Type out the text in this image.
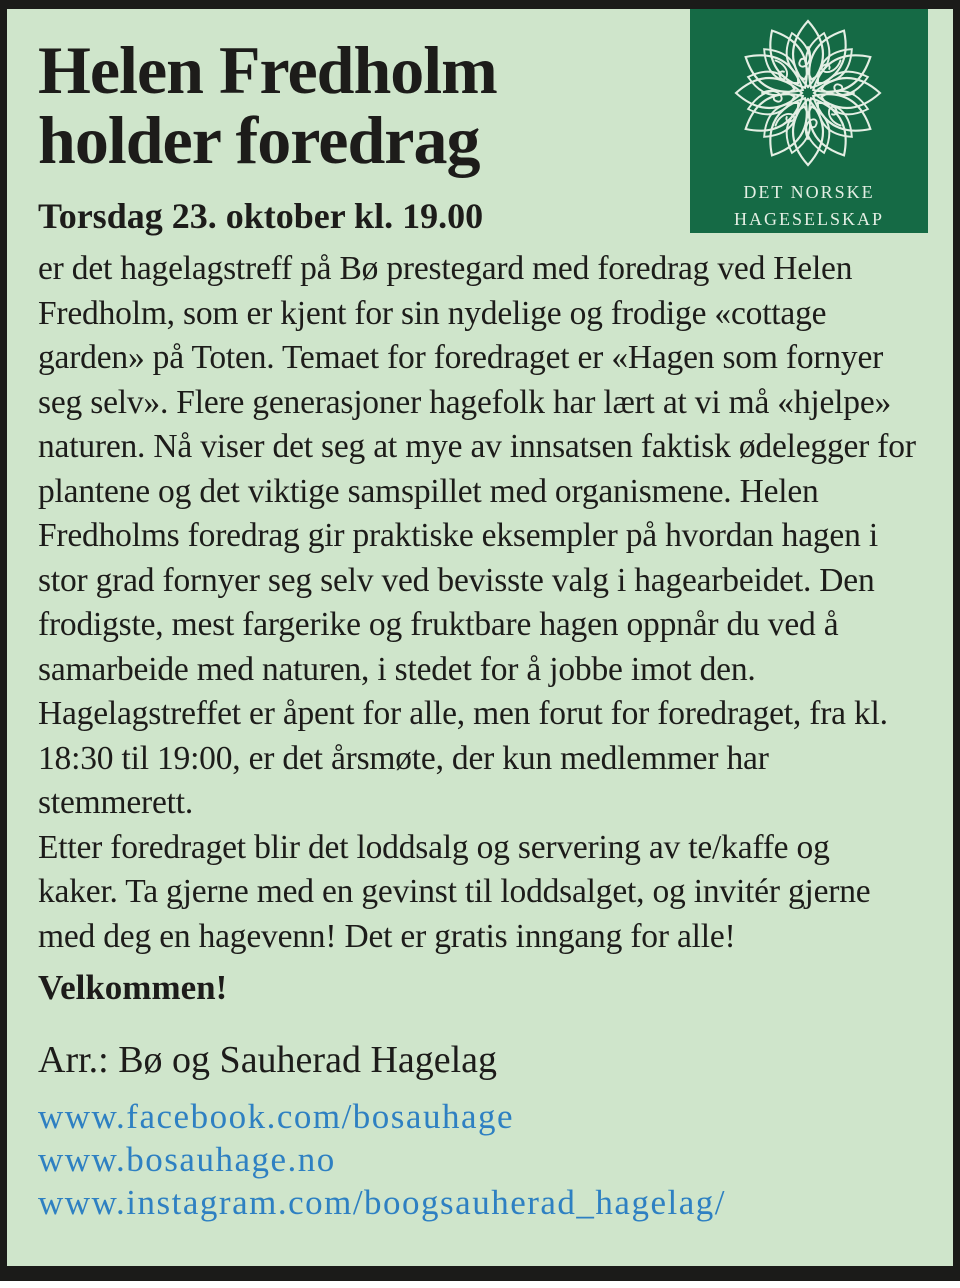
DET NORSKE
HAGESELSKAP
Helen Fredholm
holder foredrag

Torsdag 23. oktober kl. 19.00

er det hagelagstreff på Bø prestegard med foredrag ved Helen Fredholm, som er kjent for sin nydelige og frodige «cottage garden» på Toten. Temaet for foredraget er «Hagen som fornyer seg selv». Flere generasjoner hagefolk har lært at vi må «hjelpe» naturen. Nå viser det seg at mye av innsatsen faktisk ødelegger for plantene og det viktige samspillet med organismene. Helen Fredholms foredrag gir praktiske eksempler på hvordan hagen i stor grad fornyer seg selv ved bevisste valg i hagearbeidet. Den frodigste, mest fargerike og fruktbare hagen oppnår du ved å samarbeide med naturen, i stedet for å jobbe imot den.

Hagelagstreffet er åpent for alle, men forut for foredraget, fra kl. 18:30 til 19:00, er det årsmøte, der kun medlemmer har stemmerett.

Etter foredraget blir det loddsalg og servering av te/kaffe og kaker. Ta gjerne med en gevinst til loddsalget, og invitér gjerne med deg en hagevenn! Det er gratis inngang for alle!

Velkommen!

Arr.: Bø og Sauherad Hagelag

www.facebook.com/bosauhage
www.bosauhage.no
www.instagram.com/boogsauherad_hagelag/
